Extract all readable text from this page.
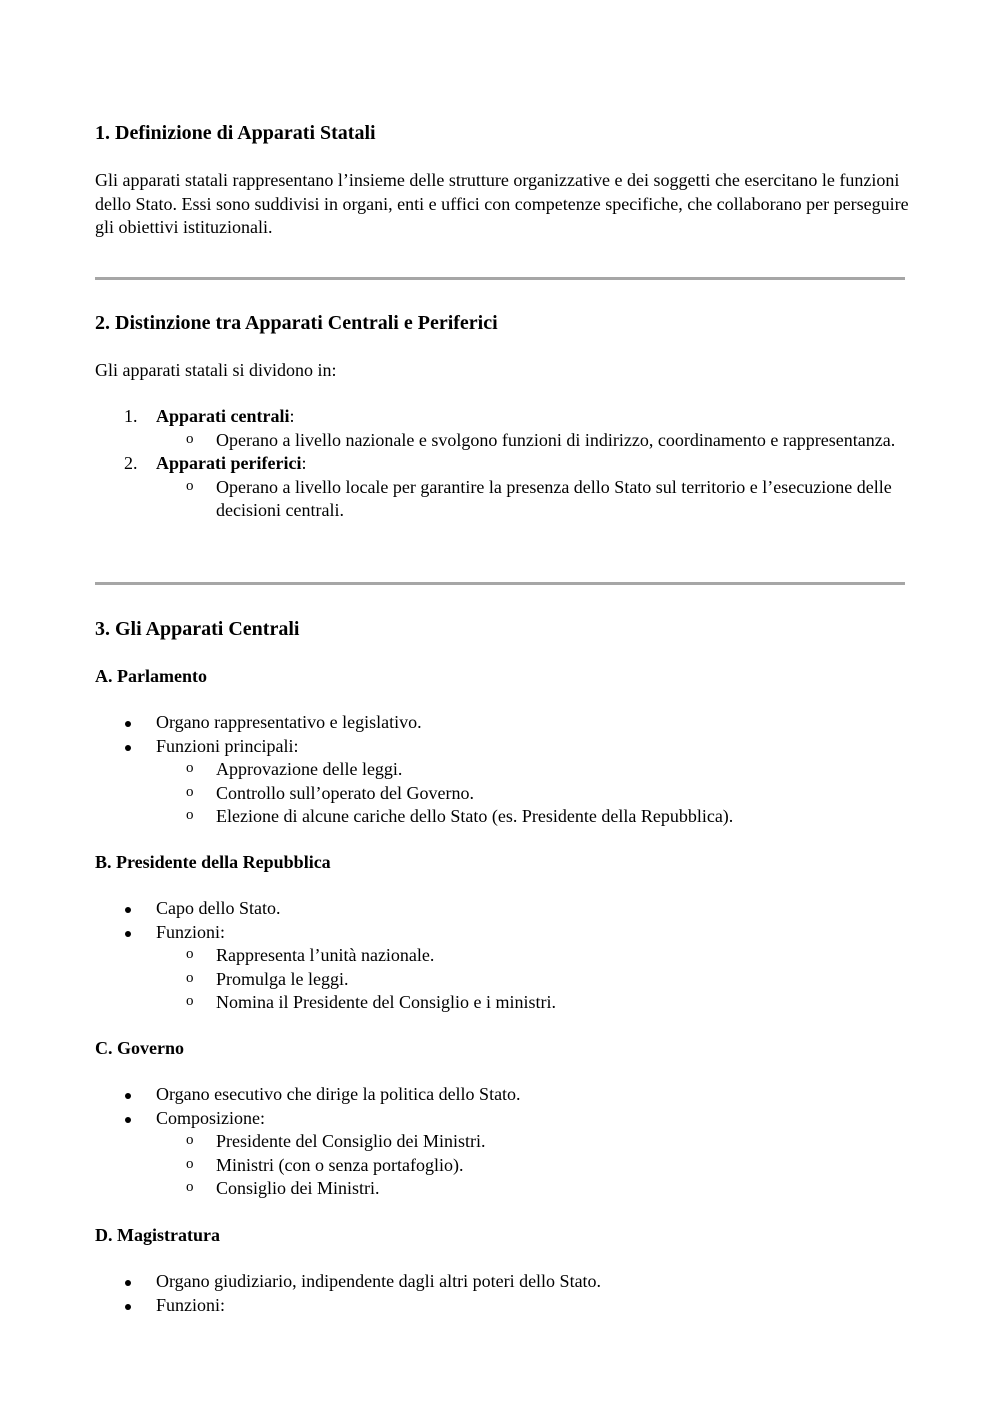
1. Definizione di Apparati Statali

Gli apparati statali rappresentano l’insieme delle strutture organizzative e dei soggetti che esercitano le funzioni dello Stato. Essi sono suddivisi in organi, enti e uffici con competenze specifiche, che collaborano per perseguire gli obiettivi istituzionali.

2. Distinzione tra Apparati Centrali e Periferici

Gli apparati statali si dividono in:

1. Apparati centrali:
o Operano a livello nazionale e svolgono funzioni di indirizzo, coordinamento e rappresentanza.
2. Apparati periferici:
o Operano a livello locale per garantire la presenza dello Stato sul territorio e l’esecuzione delle decisioni centrali.
3. Gli Apparati Centrali
A. Parlamento
Organo rappresentativo e legislativo.
Funzioni principali:
o Approvazione delle leggi.
o Controllo sull’operato del Governo.
o Elezione di alcune cariche dello Stato (es. Presidente della Repubblica).
B. Presidente della Repubblica
Capo dello Stato.
Funzioni:
o Rappresenta l’unità nazionale.
o Promulga le leggi.
o Nomina il Presidente del Consiglio e i ministri.
C. Governo
Organo esecutivo che dirige la politica dello Stato.
Composizione:
o Presidente del Consiglio dei Ministri.
o Ministri (con o senza portafoglio).
o Consiglio dei Ministri.
D. Magistratura
Organo giudiziario, indipendente dagli altri poteri dello Stato.
Funzioni:
